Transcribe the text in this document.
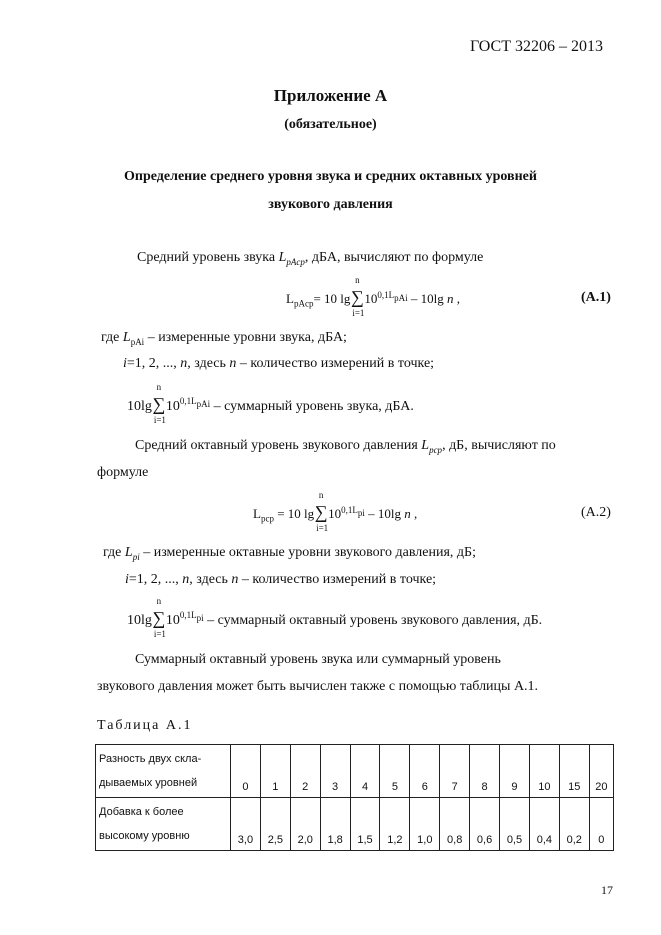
ГОСТ 32206 – 2013
Приложение А
(обязательное)
Определение среднего уровня звука и средних октавных уровней
звукового давления
Средний уровень звука $L_{pAcp}$, дБА, вычисляют по формуле
$L_{pAcp}= 10$ lg
n
∑
i=1
$10^{0,1L_{pAi}} - 10\lg$ n ,	(А.1)
где $L_{pAi}$ – измеренные уровни звука, дБА;
i=1, 2, ..., n, здесь n – количество измерений в точке;
10lg
n
∑
i=1
$10^{0,1L_{pAi}}$ – суммарный уровень звука, дБА.
Средний октавный уровень звукового давления $L_{pcp}$, дБ, вычисляют по
формуле
$L_{pcp} = 10$ lg
n
∑
i=1
$10^{0,1L_{pi}} - 10\lg$ n ,	(А.2)
где $L_{pi}$ – измеренные октавные уровни звукового давления, дБ;
i=1, 2, ..., n, здесь n – количество измерений в точке;
10lg
n
∑
i=1
$10^{0,1L_{pi}}$ – суммарный октавный уровень звукового давления, дБ.
Суммарный октавный уровень звука или суммарный уровень
звукового давления может быть вычислен также с помощью таблицы А.1.
Таблица А.1
Разность двух скла-
дываемых уровней	0	1	2	3	4	5	6	7	8	9	10	15	20

Добавка к более
высокому уровню	3,0	2,5	2,0	1,8	1,5	1,2	1,0	0,8	0,6	0,5	0,4	0,2	0
17
